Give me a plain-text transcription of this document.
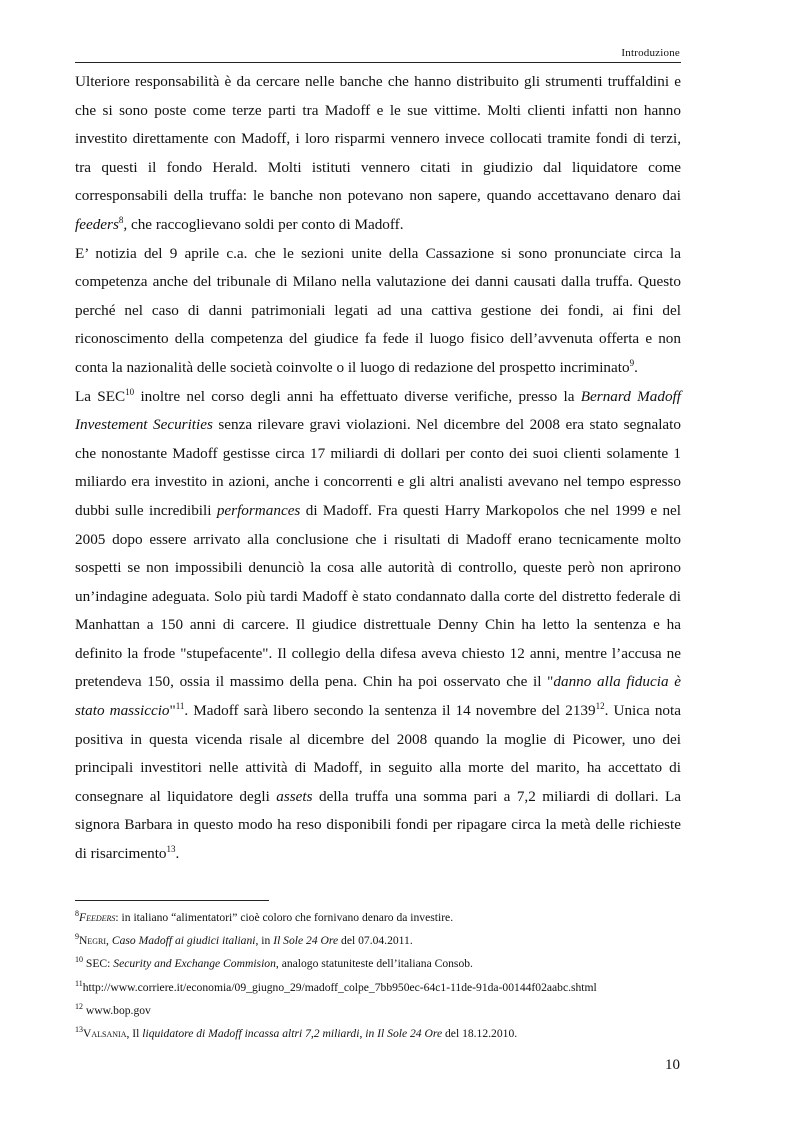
Introduzione

Ulteriore responsabilità è da cercare nelle banche che hanno distribuito gli strumenti truffaldini e che si sono poste come terze parti tra Madoff e le sue vittime. Molti clienti infatti non hanno investito direttamente con Madoff, i loro risparmi vennero invece collocati tramite fondi di terzi, tra questi il fondo Herald. Molti istituti vennero citati in giudizio dal liquidatore come corresponsabili della truffa: le banche non potevano non sapere, quando accettavano denaro dai feeders$^8$, che raccoglievano soldi per conto di Madoff.

E’ notizia del 9 aprile c.a. che le sezioni unite della Cassazione si sono pronunciate circa la competenza anche del tribunale di Milano nella valutazione dei danni causati dalla truffa. Questo perché nel caso di danni patrimoniali legati ad una cattiva gestione dei fondi, ai fini del riconoscimento della competenza del giudice fa fede il luogo fisico dell’avvenuta offerta e non conta la nazionalità delle società coinvolte o il luogo di redazione del prospetto incriminato$^9$.

La SEC$^{10}$ inoltre nel corso degli anni ha effettuato diverse verifiche, presso la Bernard Madoff Investement Securities senza rilevare gravi violazioni. Nel dicembre del 2008 era stato segnalato che nonostante Madoff gestisse circa 17 miliardi di dollari per conto dei suoi clienti solamente 1 miliardo era investito in azioni, anche i concorrenti e gli altri analisti avevano nel tempo espresso dubbi sulle incredibili performances di Madoff. Fra questi Harry Markopolos che nel 1999 e nel 2005 dopo essere arrivato alla conclusione che i risultati di Madoff erano tecnicamente molto sospetti se non impossibili denunciò la cosa alle autorità di controllo, queste però non aprirono un’indagine adeguata. Solo più tardi Madoff è stato condannato dalla corte del distretto federale di Manhattan a 150 anni di carcere. Il giudice distrettuale Denny Chin ha letto la sentenza e ha definito la frode "stupefacente". Il collegio della difesa aveva chiesto 12 anni, mentre l’accusa ne pretendeva 150, ossia il massimo della pena. Chin ha poi osservato che il "danno alla fiducia è stato massiccio"$^{11}$. Madoff sarà libero secondo la sentenza il 14 novembre del 2139$^{12}$. Unica nota positiva in questa vicenda risale al dicembre del 2008 quando la moglie di Picower, uno dei principali investitori nelle attività di Madoff, in seguito alla morte del marito, ha accettato di consegnare al liquidatore degli assets della truffa una somma pari a 7,2 miliardi di dollari. La signora Barbara in questo modo ha reso disponibili fondi per ripagare circa la metà delle richieste di risarcimento$^{13}$.

$^8$Feeders: in italiano “alimentatori” cioè coloro che fornivano denaro da investire.

$^9$Negri, Caso Madoff ai giudici italiani, in Il Sole 24 Ore del 07.04.2011.

$^{10}$ SEC: Security and Exchange Commision, analogo statuniteste dell’italiana Consob.

$^{11}$http://www.corriere.it/economia/09_giugno_29/madoff_colpe_7bb950ec-64c1-11de-91da-00144f02aabc.shtml

$^{12}$ www.bop.gov

$^{13}$Valsania, Il liquidatore di Madoff incassa altri 7,2 miliardi, in Il Sole 24 Ore del 18.12.2010.

10
